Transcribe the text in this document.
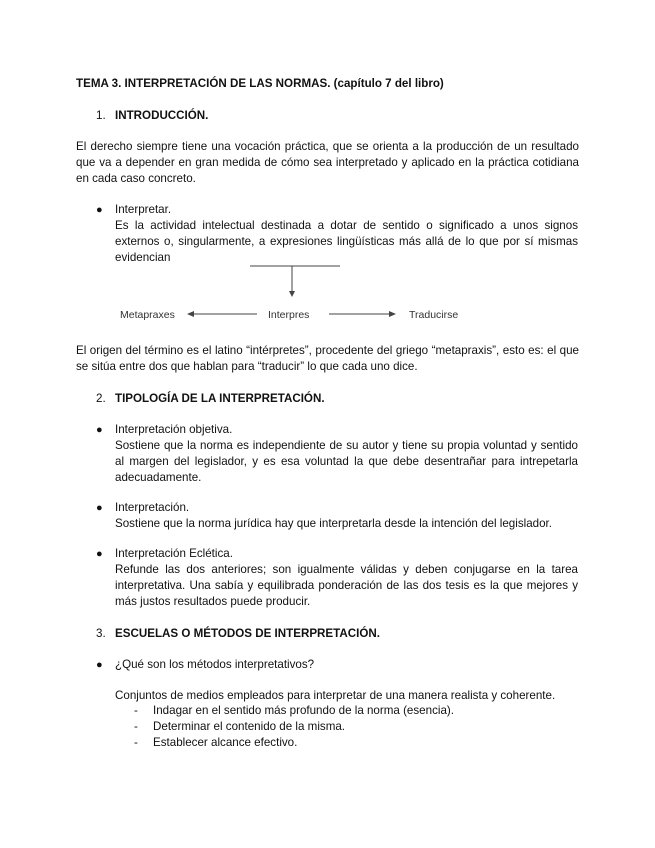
TEMA 3. INTERPRETACIÓN DE LAS NORMAS. (capítulo 7 del libro)
1. INTRODUCCIÓN.
El derecho siempre tiene una vocación práctica, que se orienta a la producción de un resultado que va a depender en gran medida de cómo sea interpretado y aplicado en la práctica cotidiana en cada caso concreto.
● Interpretar.
Es la actividad intelectual destinada a dotar de sentido o significado a unos signos externos o, singularmente, a expresiones lingüísticas más allá de lo que por sí mismas evidencian
Metapraxes	Interpres	Traducirse
El origen del término es el latino “intérpretes”, procedente del griego “metapraxis”, esto es: el que se sitúa entre dos que hablan para “traducir” lo que cada uno dice.
2. TIPOLOGÍA DE LA INTERPRETACIÓN.
● Interpretación objetiva.
Sostiene que la norma es independiente de su autor y tiene su propia voluntad y sentido al margen del legislador, y es esa voluntad la que debe desentrañar para intrepetarla adecuadamente.
● Interpretación.
Sostiene que la norma jurídica hay que interpretarla desde la intención del legislador.
● Interpretación Eclética.
Refunde las dos anteriores; son igualmente válidas y deben conjugarse en la tarea interpretativa. Una sabía y equilibrada ponderación de las dos tesis es la que mejores y más justos resultados puede producir.
3. ESCUELAS O MÉTODOS DE INTERPRETACIÓN.
● ¿Qué son los métodos interpretativos?
Conjuntos de medios empleados para interpretar de una manera realista y coherente.
- Indagar en el sentido más profundo de la norma (esencia).
- Determinar el contenido de la misma.
- Establecer alcance efectivo.
